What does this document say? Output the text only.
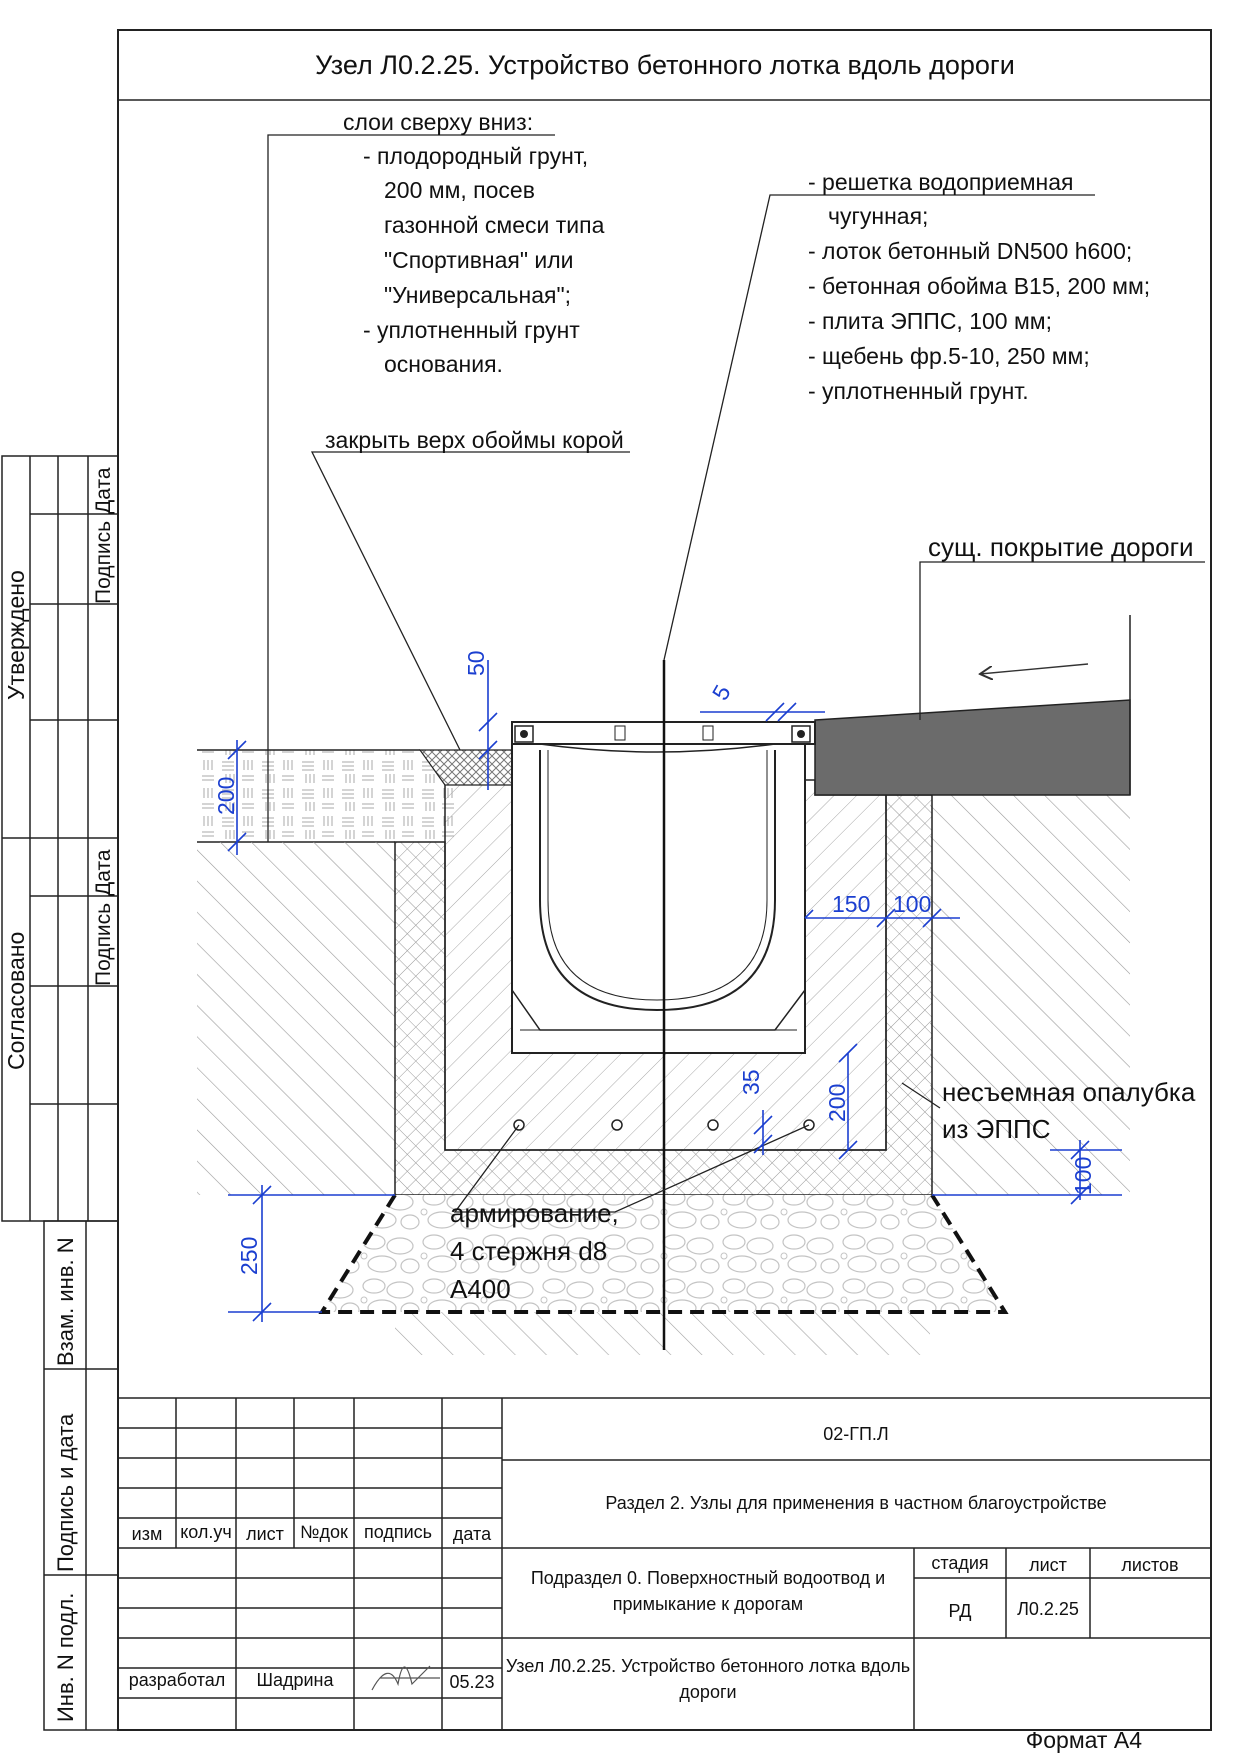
Узел Л0.2.25. Устройство бетонного лотка вдоль дороги
Утверждено
Согласовано
Подпись
Дата
Подпись
Дата
Взам. инв. N
Подпись и дата
Инв. N подл.
200
50
5
150 100
200
35
100
250
слои сверху вниз:
- плодородный грунт,
200 мм, посев
газонной смеси типа
"Спортивная" или
"Универсальная";
- уплотненный грунт
основания.
- решетка водоприемная
чугунная;
- лоток бетонный DN500 h600;
- бетонная обойма В15, 200 мм;
- плита ЭППС, 100 мм;
- щебень фр.5-10, 250 мм;
- уплотненный грунт.
закрыть верх обоймы корой
сущ. покрытие дороги
несъемная опалубка
из ЭППС
армирование,
4 стержня d8
А400
02-ГП.Л
Раздел 2. Узлы для применения в частном благоустройстве
Подраздел 0. Поверхностный водоотвод и
примыкание к дорогам
Узел Л0.2.25. Устройство бетонного лотка вдоль
дороги
изм кол.уч лист №док подпись дата
стадия лист	листов
РД	Л0.2.25
разработал Шадрина	05.23
Формат А4
